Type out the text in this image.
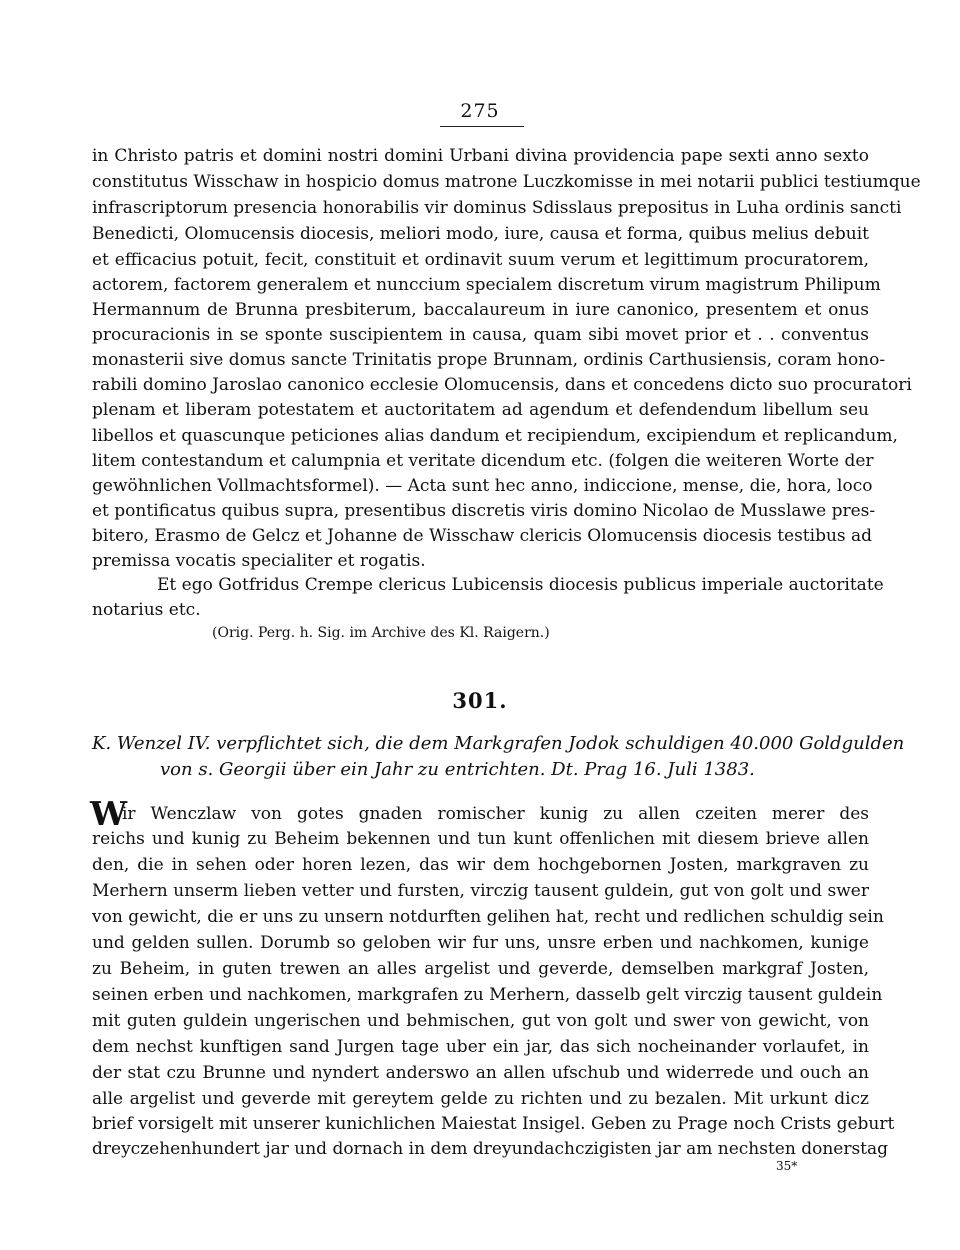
275
in Christo patris et domini nostri domini Urbani divina providencia pape sexti anno sexto
constitutus Wisschaw in hospicio domus matrone Luczkomisse in mei notarii publici testiumque
infrascriptorum presencia honorabilis vir dominus Sdisslaus prepositus in Luha ordinis sancti
Benedicti, Olomucensis diocesis, meliori modo, iure, causa et forma, quibus melius debuit
et efficacius potuit, fecit, constituit et ordinavit suum verum et legittimum procuratorem,
actorem, factorem generalem et nunccium specialem discretum virum magistrum Philipum
Hermannum de Brunna presbiterum, baccalaureum in iure canonico, presentem et onus
procuracionis in se sponte suscipientem in causa, quam sibi movet prior et . . conventus
monasterii sive domus sancte Trinitatis prope Brunnam, ordinis Carthusiensis, coram hono-
rabili domino Jaroslao canonico ecclesie Olomucensis, dans et concedens dicto suo procuratori
plenam et liberam potestatem et auctoritatem ad agendum et defendendum libellum seu
libellos et quascunque peticiones alias dandum et recipiendum, excipiendum et replicandum,
litem contestandum et calumpnia et veritate dicendum etc. (folgen die weiteren Worte der
gewöhnlichen Vollmachtsformel). — Acta sunt hec anno, indiccione, mense, die, hora, loco
et pontificatus quibus supra, presentibus discretis viris domino Nicolao de Musslawe pres-
bitero, Erasmo de Gelcz et Johanne de Wisschaw clericis Olomucensis diocesis testibus ad
premissa vocatis specialiter et rogatis.
Et ego Gotfridus Crempe clericus Lubicensis diocesis publicus imperiale auctoritate
notarius etc.
(Orig. Perg. h. Sig. im Archive des Kl. Raigern.)
301.
K. Wenzel IV. verpflichtet sich, die dem Markgrafen Jodok schuldigen 40.000 Goldgulden
von s. Georgii über ein Jahr zu entrichten. Dt. Prag 16. Juli 1383.
W
ir Wenczlaw von gotes gnaden romischer kunig zu allen czeiten merer des
reichs und kunig zu Beheim bekennen und tun kunt offenlichen mit diesem brieve allen
den, die in sehen oder horen lezen, das wir dem hochgebornen Josten, markgraven zu
Merhern unserm lieben vetter und fursten, virczig tausent guldein, gut von golt und swer
von gewicht, die er uns zu unsern notdurften gelihen hat, recht und redlichen schuldig sein
und gelden sullen. Dorumb so geloben wir fur uns, unsre erben und nachkomen, kunige
zu Beheim, in guten trewen an alles argelist und geverde, demselben markgraf Josten,
seinen erben und nachkomen, markgrafen zu Merhern, dasselb gelt virczig tausent guldein
mit guten guldein ungerischen und behmischen, gut von golt und swer von gewicht, von
dem nechst kunftigen sand Jurgen tage uber ein jar, das sich nocheinander vorlaufet, in
der stat czu Brunne und nyndert anderswo an allen ufschub und widerrede und ouch an
alle argelist und geverde mit gereytem gelde zu richten und zu bezalen. Mit urkunt dicz
brief vorsigelt mit unserer kunichlichen Maiestat Insigel. Geben zu Prage noch Crists geburt
dreyczehenhundert jar und dornach in dem dreyundachczigisten jar am nechsten donerstag
35*
